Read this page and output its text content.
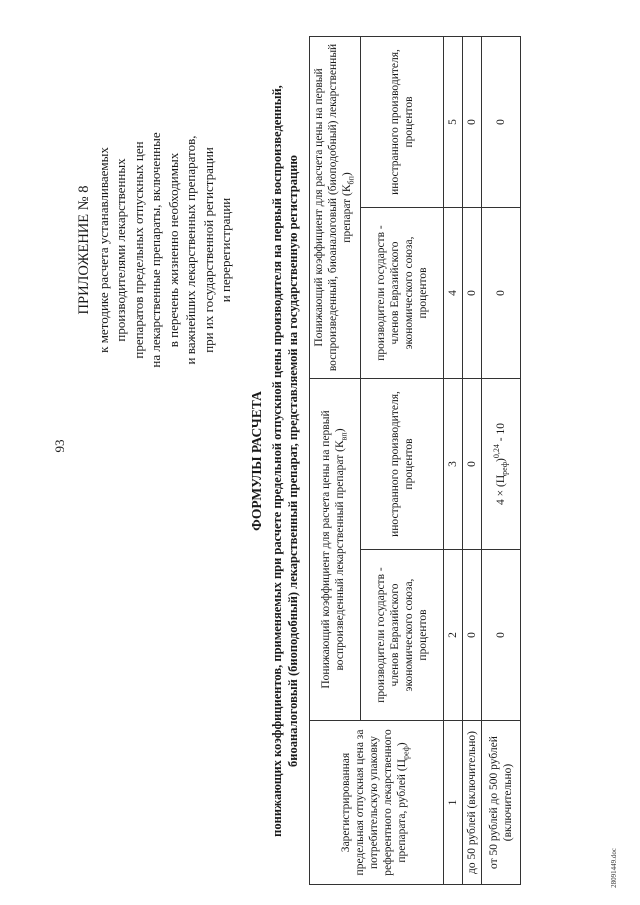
93
28091449.doc
ПРИЛОЖЕНИЕ № 8 к методике расчета устанавливаемых производителями лекарственных препаратов предельных отпускных цен на лекарственные препараты, включенные в перечень жизненно необходимых и важнейших лекарственных препаратов, при их государственной регистрации и перерегистрации
ФОРМУЛЫ РАСЧЕТА понижающих коэффициентов, применяемых при расчете предельной отпускной цены производителя на первый воспроизведенный, биоаналоговый (биоподобный) лекарственный препарат, представляемой на государственную регистрацию
Зарегистрированная предельная отпускная цена за потребительскую упаковку референтного лекарственного препарата, рублей $(Ц_{реф})$	Понижающий коэффициент для расчета цены на первый воспроизведенный лекарственный препарат $(К_{вп})$		Понижающий коэффициент для расчета цены на первый воспроизведенный, биоаналоговый (биоподобный) лекарственный препарат $(К_{бп})$	
	производители государств - членов Евразийского экономического союза, процентов	иностранного производителя, процентов	производители государств - членов Евразийского экономического союза, процентов	иностранного производителя, процентов
1	2	3	4	5
до 50 рублей (включительно)	0	0	0	0
от 50 рублей до 500 рублей (включительно)	0	$4 \times (Ц_{реф})^{0,24} - 10$	0	0
